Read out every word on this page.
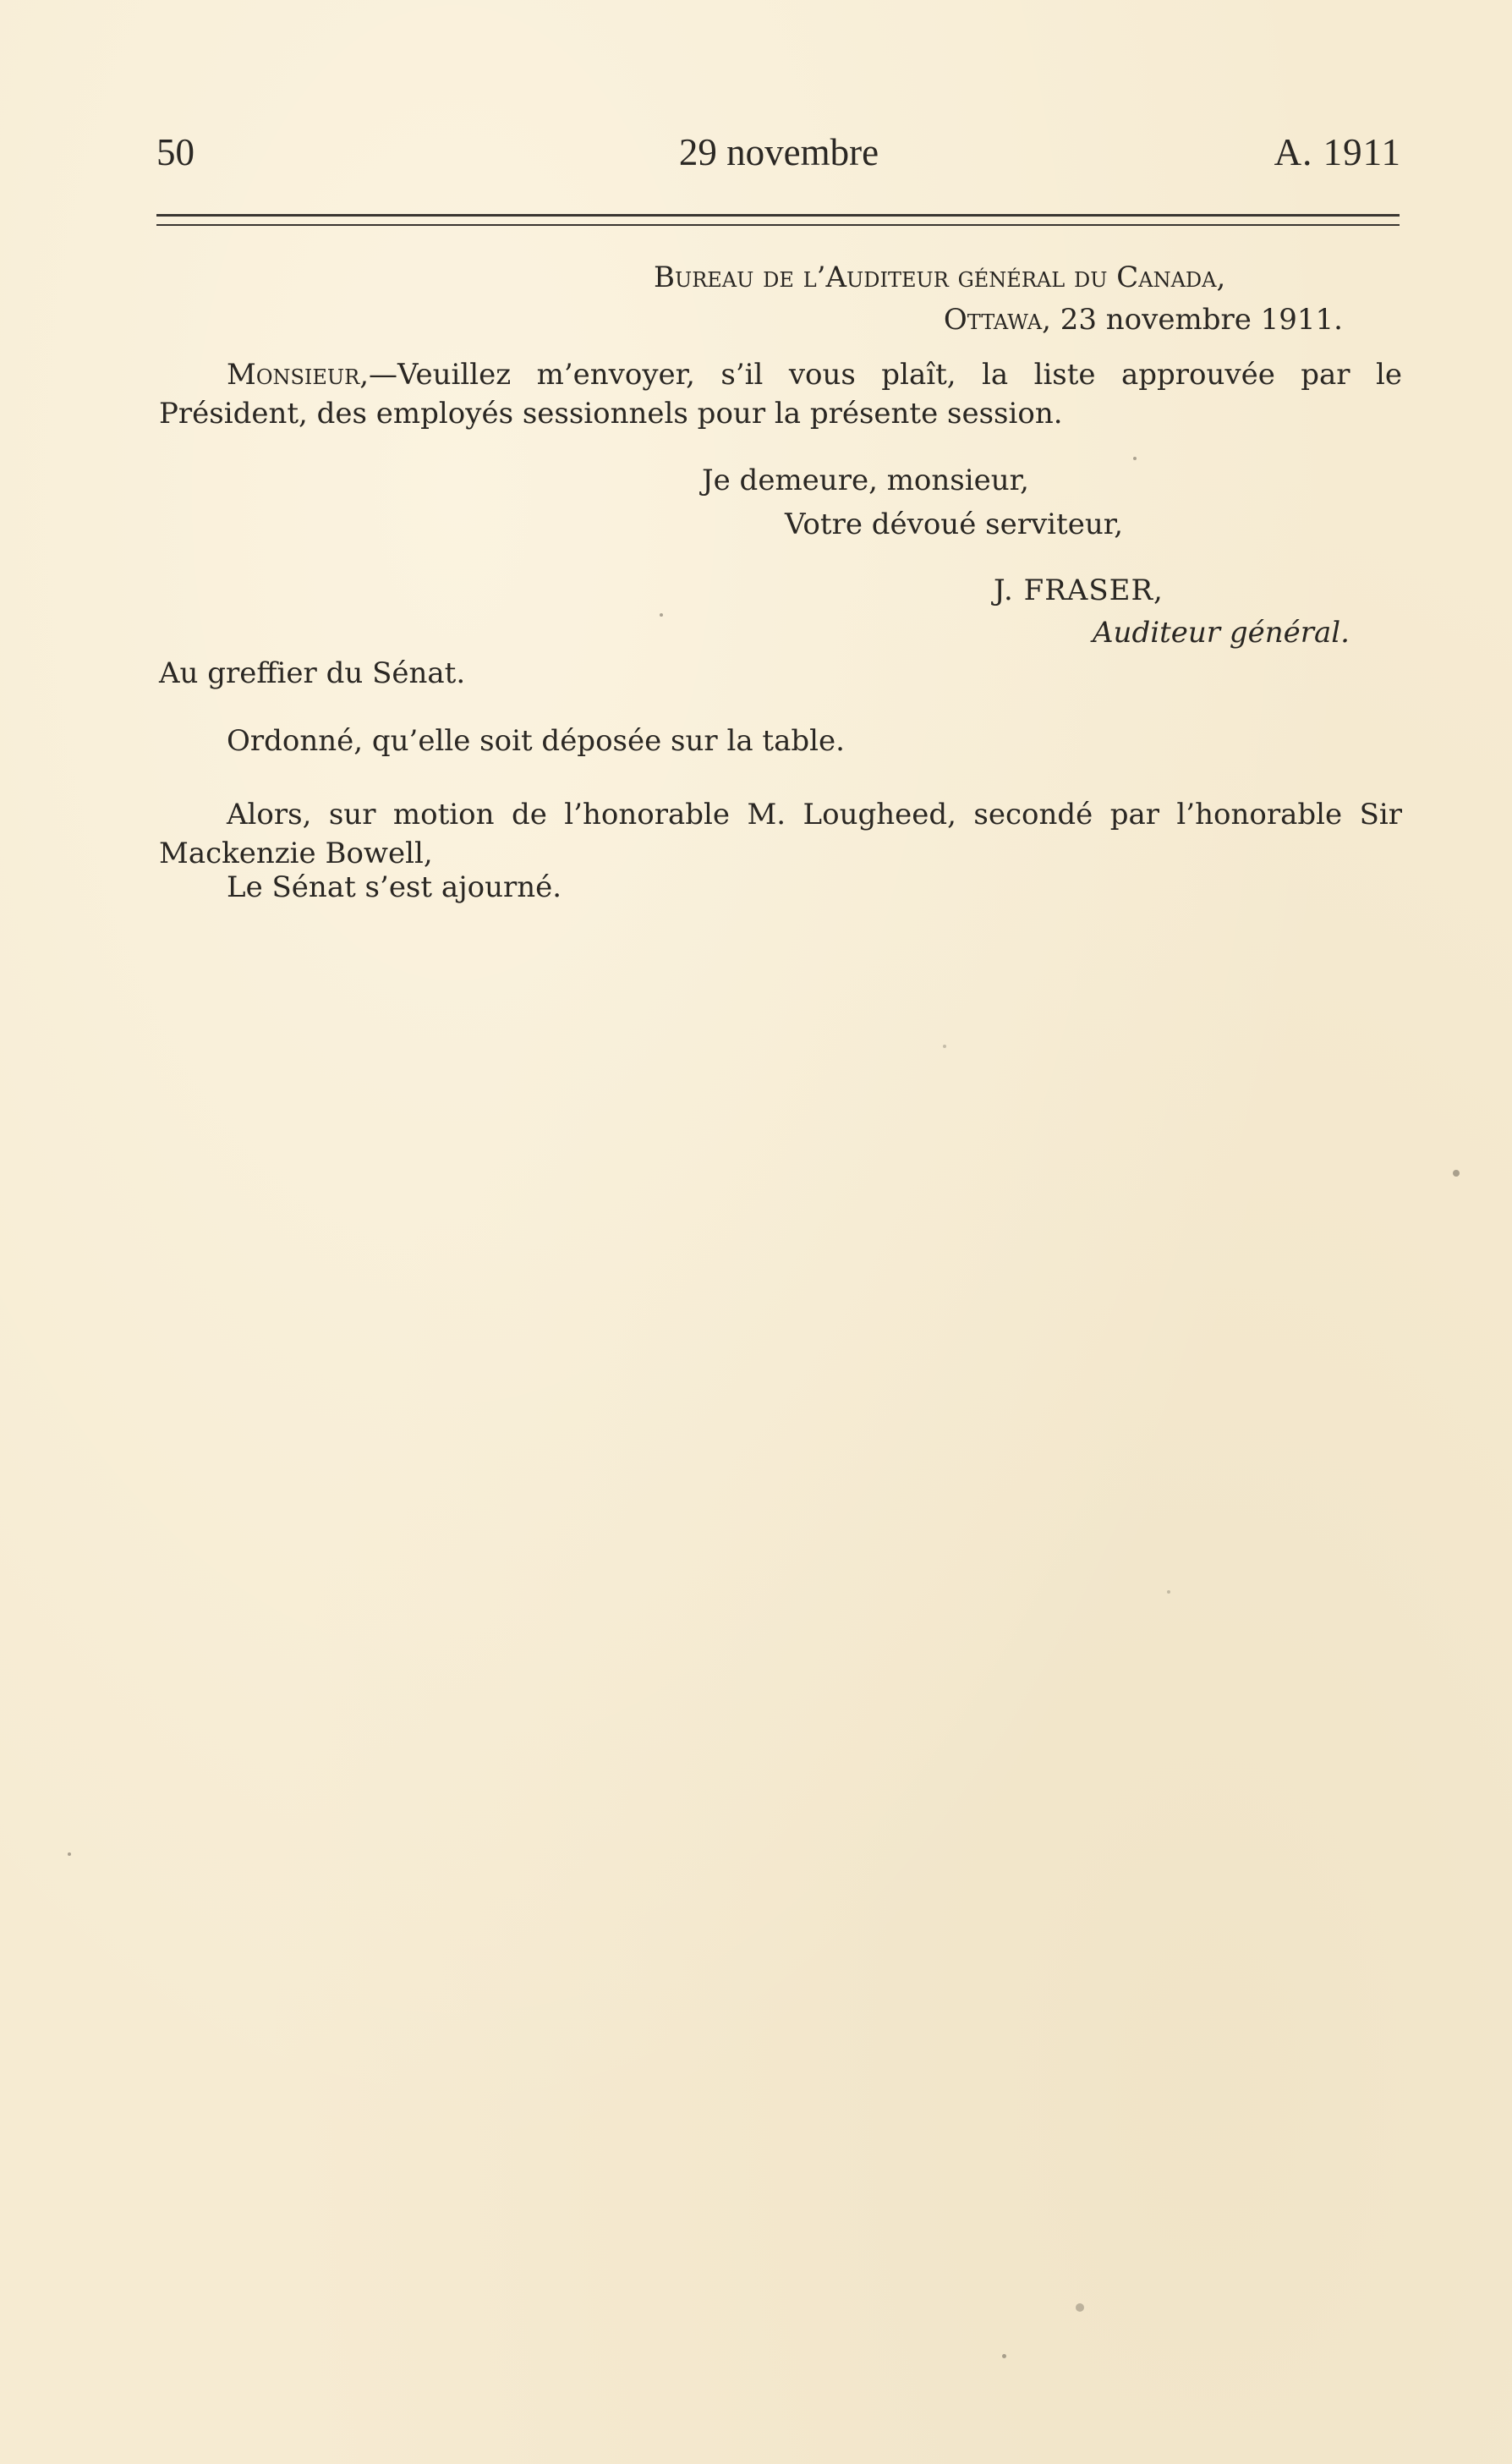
50	29 novembre	A. 1911
Bureau de l’Auditeur général du Canada,
Ottawa, 23 novembre 1911.
Monsieur,—Veuillez m’envoyer, s’il vous plaît, la liste approuvée par le Président, des employés sessionnels pour la présente session.
Je demeure, monsieur,
Votre dévoué serviteur,
J. FRASER,
Auditeur général.
Au greffier du Sénat.
Ordonné, qu’elle soit déposée sur la table.
Alors, sur motion de l’honorable M. Lougheed, secondé par l’honorable Sir Mackenzie Bowell,
Le Sénat s’est ajourné.
